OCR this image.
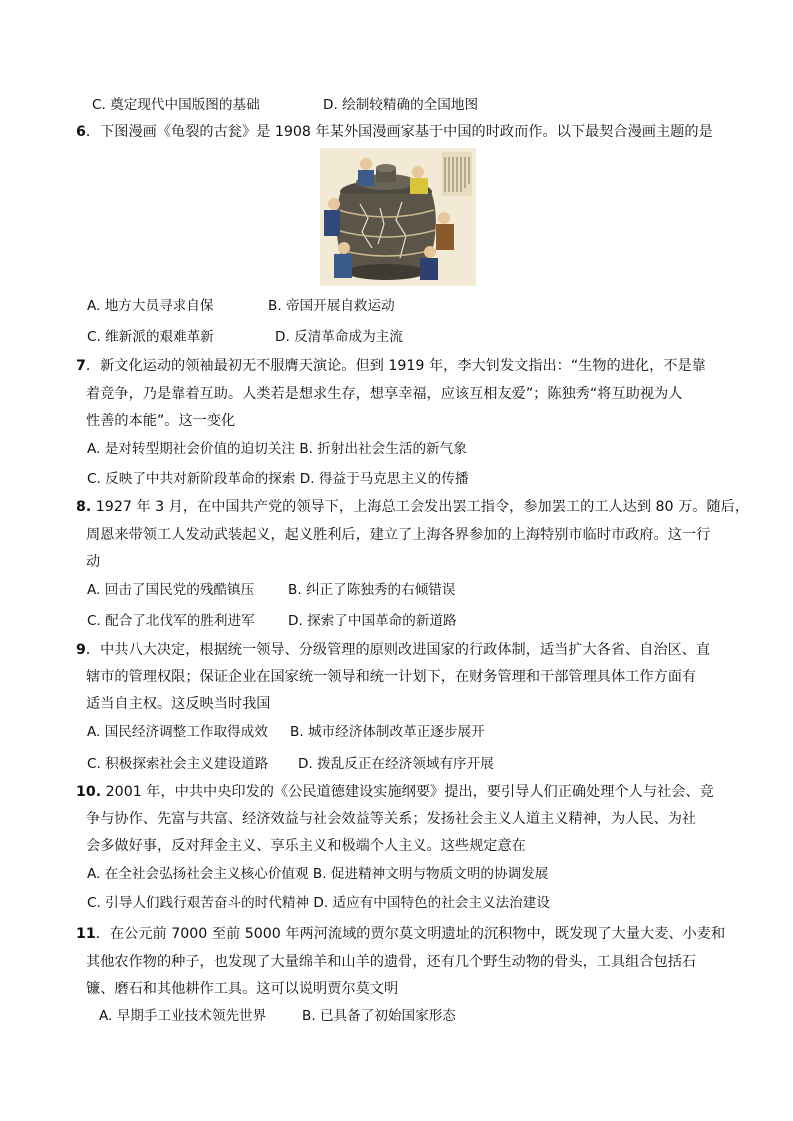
C. 奠定现代中国版图的基础	D. 绘制较精确的全国地图
6．下图漫画《龟裂的古瓮》是 1908 年某外国漫画家基于中国的时政而作。以下最契合漫画主题的是
A. 地方大员寻求自保	B. 帝国开展自救运动
C. 维新派的艰难革新	D. 反清革命成为主流
7．新文化运动的领袖最初无不服膺天演论。但到 1919 年，李大钊发文指出：“生物的进化，不是靠
着竞争，乃是靠着互助。人类若是想求生存，想享幸福，应该互相友爱”；陈独秀“将互助视为人
性善的本能”。这一变化
A. 是对转型期社会价值的迫切关注 B. 折射出社会生活的新气象
C. 反映了中共对新阶段革命的探索 D. 得益于马克思主义的传播
8. 1927 年 3 月，在中国共产党的领导下，上海总工会发出罢工指令，参加罢工的工人达到 80 万。随后，
周恩来带领工人发动武装起义，起义胜利后，建立了上海各界参加的上海特别市临时市政府。这一行
动
A. 回击了国民党的残酷镇压 B. 纠正了陈独秀的右倾错误
C. 配合了北伐军的胜利进军 D. 探索了中国革命的新道路
9．中共八大决定，根据统一领导、分级管理的原则改进国家的行政体制，适当扩大各省、自治区、直
辖市的管理权限；保证企业在国家统一领导和统一计划下，在财务管理和干部管理具体工作方面有
适当自主权。这反映当时我国
A. 国民经济调整工作取得成效 B. 城市经济体制改革正逐步展开
C. 积极探索社会主义建设道路 D. 拨乱反正在经济领域有序开展
10. 2001 年，中共中央印发的《公民道德建设实施纲要》提出，要引导人们正确处理个人与社会、竞
争与协作、先富与共富、经济效益与社会效益等关系；发扬社会主义人道主义精神，为人民、为社
会多做好事，反对拜金主义、享乐主义和极端个人主义。这些规定意在
A. 在全社会弘扬社会主义核心价值观 B. 促进精神文明与物质文明的协调发展
C. 引导人们践行艰苦奋斗的时代精神 D. 适应有中国特色的社会主义法治建设
11．在公元前 7000 至前 5000 年两河流域的贾尔莫文明遗址的沉积物中，既发现了大量大麦、小麦和
其他农作物的种子，也发现了大量绵羊和山羊的遗骨，还有几个野生动物的骨头，工具组合包括石
镰、磨石和其他耕作工具。这可以说明贾尔莫文明
A. 早期手工业技术领先世界	B. 已具备了初始国家形态
